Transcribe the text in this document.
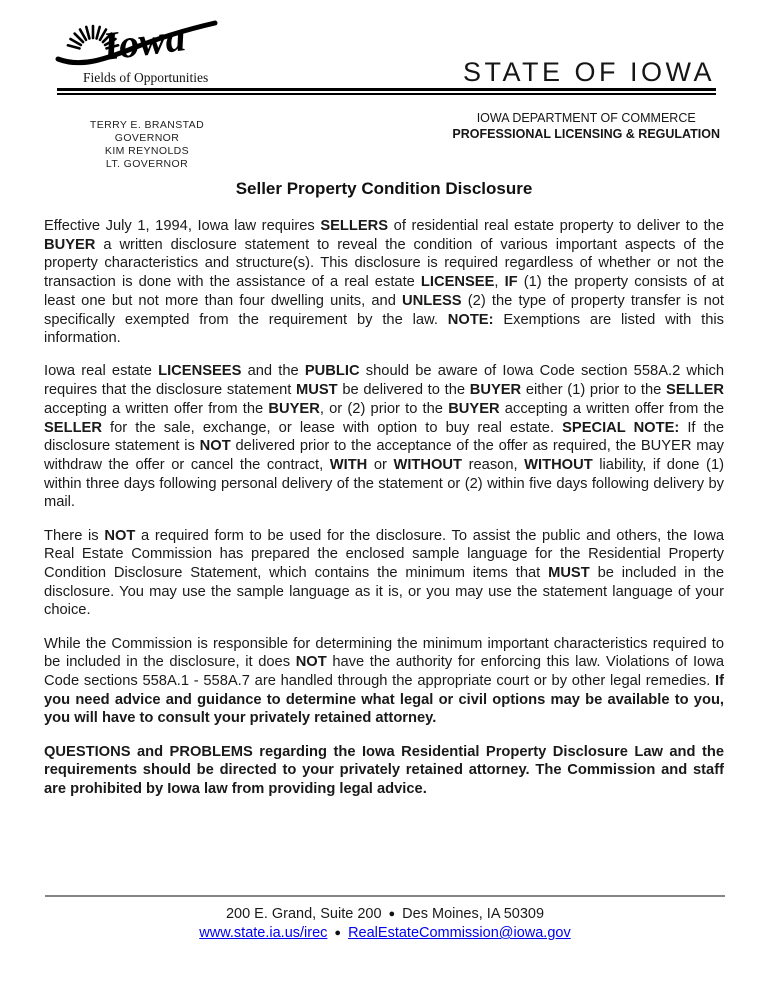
Iowa
Fields of Opportunities	STATE OF IOWA
TERRY E. BRANSTAD
GOVERNOR
KIM REYNOLDS
LT. GOVERNOR
IOWA DEPARTMENT OF COMMERCE
PROFESSIONAL LICENSING & REGULATION
Seller Property Condition Disclosure

Effective July 1, 1994, Iowa law requires SELLERS of residential real estate property to deliver to the BUYER a written disclosure statement to reveal the condition of various important aspects of the property characteristics and structure(s). This disclosure is required regardless of whether or not the transaction is done with the assistance of a real estate LICENSEE, IF (1) the property consists of at least one but not more than four dwelling units, and UNLESS (2) the type of property transfer is not specifically exempted from the requirement by the law. NOTE: Exemptions are listed with this information.

Iowa real estate LICENSEES and the PUBLIC should be aware of Iowa Code section 558A.2 which requires that the disclosure statement MUST be delivered to the BUYER either (1) prior to the SELLER accepting a written offer from the BUYER, or (2) prior to the BUYER accepting a written offer from the SELLER for the sale, exchange, or lease with option to buy real estate. SPECIAL NOTE: If the disclosure statement is NOT delivered prior to the acceptance of the offer as required, the BUYER may withdraw the offer or cancel the contract, WITH or WITHOUT reason, WITHOUT liability, if done (1) within three days following personal delivery of the statement or (2) within five days following delivery by mail.

There is NOT a required form to be used for the disclosure. To assist the public and others, the Iowa Real Estate Commission has prepared the enclosed sample language for the Residential Property Condition Disclosure Statement, which contains the minimum items that MUST be included in the disclosure. You may use the sample language as it is, or you may use the statement language of your choice.

While the Commission is responsible for determining the minimum important characteristics required to be included in the disclosure, it does NOT have the authority for enforcing this law. Violations of Iowa Code sections 558A.1 - 558A.7 are handled through the appropriate court or by other legal remedies. If you need advice and guidance to determine what legal or civil options may be available to you, you will have to consult your privately retained attorney.

QUESTIONS and PROBLEMS regarding the Iowa Residential Property Disclosure Law and the requirements should be directed to your privately retained attorney. The Commission and staff are prohibited by Iowa law from providing legal advice.

200 E. Grand, Suite 200 ● Des Moines, IA 50309
www.state.ia.us/irec ● RealEstateCommission@iowa.gov
